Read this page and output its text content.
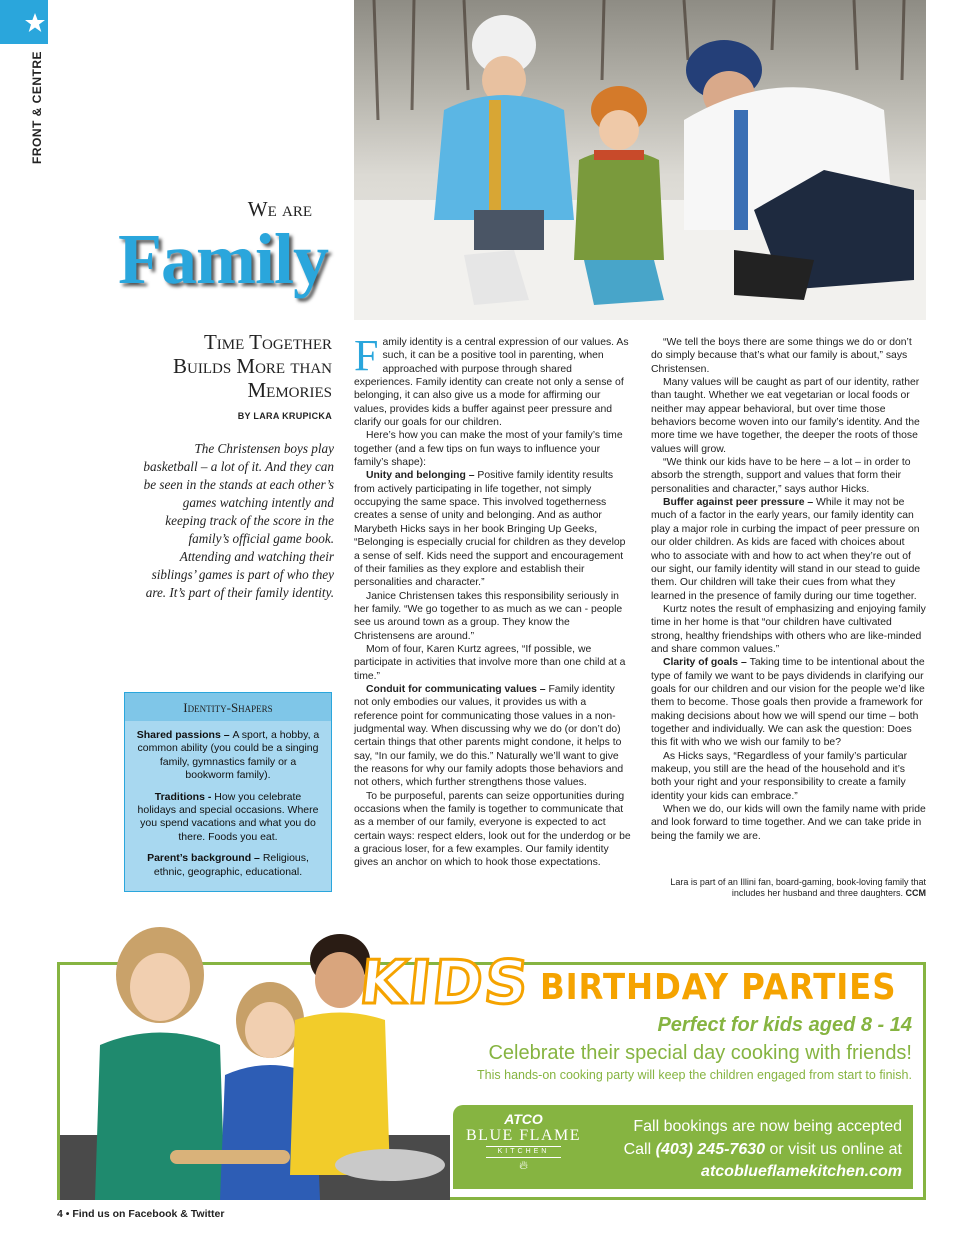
FRONT & CENTRE
We are
Family
Time Together
Builds More than
Memories
BY LARA KRUPICKA
The Christensen boys play basketball – a lot of it. And they can be seen in the stands at each other’s games watching intently and keeping track of the score in the family’s official game book. Attending and watching their siblings’ games is part of who they are. It’s part of their family identity.
Identity-Shapers
Shared passions – A sport, a hobby, a common ability (you could be a singing family, gymnastics family or a bookworm family).
Traditions - How you celebrate holidays and special occasions. Where you spend vacations and what you do there. Foods you eat.
Parent’s background – Religious, ethnic, geographic, educational.

Family identity is a central expression of our values. As such, it can be a positive tool in parenting, when approached with purpose through shared experiences. Family identity can create not only a sense of belonging, it can also give us a mode for affirming our values, provides kids a buffer against peer pressure and clarify our goals for our children.

Here’s how you can make the most of your family’s time together (and a few tips on fun ways to influence your family’s shape):

Unity and belonging – Positive family identity results from actively participating in life together, not simply occupying the same space. This involved togetherness creates a sense of unity and belonging. And as author Marybeth Hicks says in her book Bringing Up Geeks, “Belonging is especially crucial for children as they develop a sense of self. Kids need the support and encouragement of their families as they explore and establish their personalities and character.”

Janice Christensen takes this responsibility seriously in her family. “We go together to as much as we can - people see us around town as a group. They know the Christensens are around.”

Mom of four, Karen Kurtz agrees, “If possible, we participate in activities that involve more than one child at a time.”

Conduit for communicating values – Family identity not only embodies our values, it provides us with a reference point for communicating those values in a non-judgmental way. When discussing why we do (or don’t do) certain things that other parents might condone, it helps to say, “In our family, we do this.” Naturally we’ll want to give the reasons for why our family adopts those behaviors and not others, which further strengthens those values.

To be purposeful, parents can seize opportunities during occasions when the family is together to communicate that as a member of our family, everyone is expected to act certain ways: respect elders, look out for the underdog or be a gracious loser, for a few examples. Our family identity gives an anchor on which to hook those expectations.

“We tell the boys there are some things we do or don’t do simply because that’s what our family is about,” says Christensen.

Many values will be caught as part of our identity, rather than taught. Whether we eat vegetarian or local foods or neither may appear behavioral, but over time those behaviors become woven into our family’s identity. And the more time we have together, the deeper the roots of those values will grow.

“We think our kids have to be here – a lot – in order to absorb the strength, support and values that form their personalities and character,” says author Hicks.

Buffer against peer pressure – While it may not be much of a factor in the early years, our family identity can play a major role in curbing the impact of peer pressure on our older children. As kids are faced with choices about who to associate with and how to act when they’re out of our sight, our family identity will stand in our stead to guide them. Our children will take their cues from what they learned in the presence of family during our time together.

Kurtz notes the result of emphasizing and enjoying family time in her home is that “our children have cultivated strong, healthy friendships with others who are like-minded and share common values.”

Clarity of goals – Taking time to be intentional about the type of family we want to be pays dividends in clarifying our goals for our children and our vision for the people we’d like them to become. Those goals then provide a framework for making decisions about how we will spend our time – both together and individually. We can ask the question: Does this fit with who we wish our family to be?

As Hicks says, “Regardless of your family’s particular makeup, you still are the head of the household and it’s both your right and your responsibility to create a family identity your kids can embrace.”

When we do, our kids will own the family name with pride and look forward to time together. And we can take pride in being the family we are.

Lara is part of an Illini fan, board-gaming, book-loving family that includes her husband and three daughters. CCM
KIDS BIRTHDAY PARTIES
Perfect for kids aged 8 - 14
Celebrate their special day cooking with friends!
This hands-on cooking party will keep the children engaged from start to finish.
ATCO
BLUE FLAME
KITCHEN
🔥︎
Fall bookings are now being accepted
Call (403) 245-7630 or visit us online at
atcoblueflamekitchen.com
4 • Find us on Facebook & Twitter
